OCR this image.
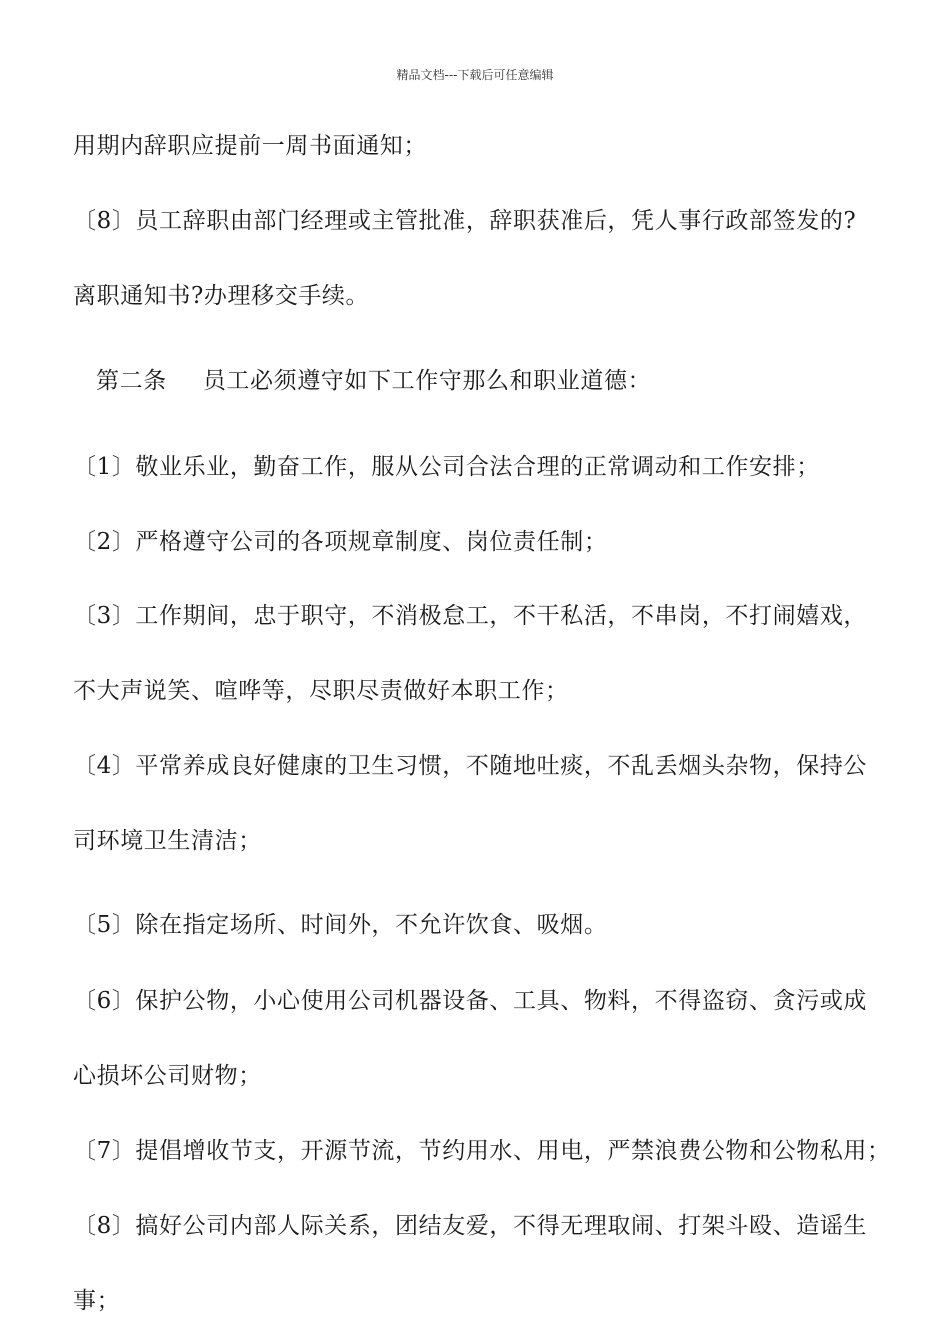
精品文档---下载后可任意编辑
用期内辞职应提前一周书面通知；
〔8〕员工辞职由部门经理或主管批准，辞职获准后，凭人事行政部签发的?
离职通知书?办理移交手续。
第二条 员工必须遵守如下工作守那么和职业道德：
〔1〕敬业乐业，勤奋工作，服从公司合法合理的正常调动和工作安排；
〔2〕严格遵守公司的各项规章制度、岗位责任制；
〔3〕工作期间，忠于职守，不消极怠工，不干私活，不串岗，不打闹嬉戏，
不大声说笑、喧哗等，尽职尽责做好本职工作；
〔4〕平常养成良好健康的卫生习惯，不随地吐痰，不乱丢烟头杂物，保持公
司环境卫生清洁；
〔5〕除在指定场所、时间外，不允许饮食、吸烟。
〔6〕保护公物，小心使用公司机器设备、工具、物料，不得盗窃、贪污或成
心损坏公司财物；
〔7〕提倡增收节支，开源节流，节约用水、用电，严禁浪费公物和公物私用；
〔8〕搞好公司内部人际关系，团结友爱，不得无理取闹、打架斗殴、造谣生
事；
